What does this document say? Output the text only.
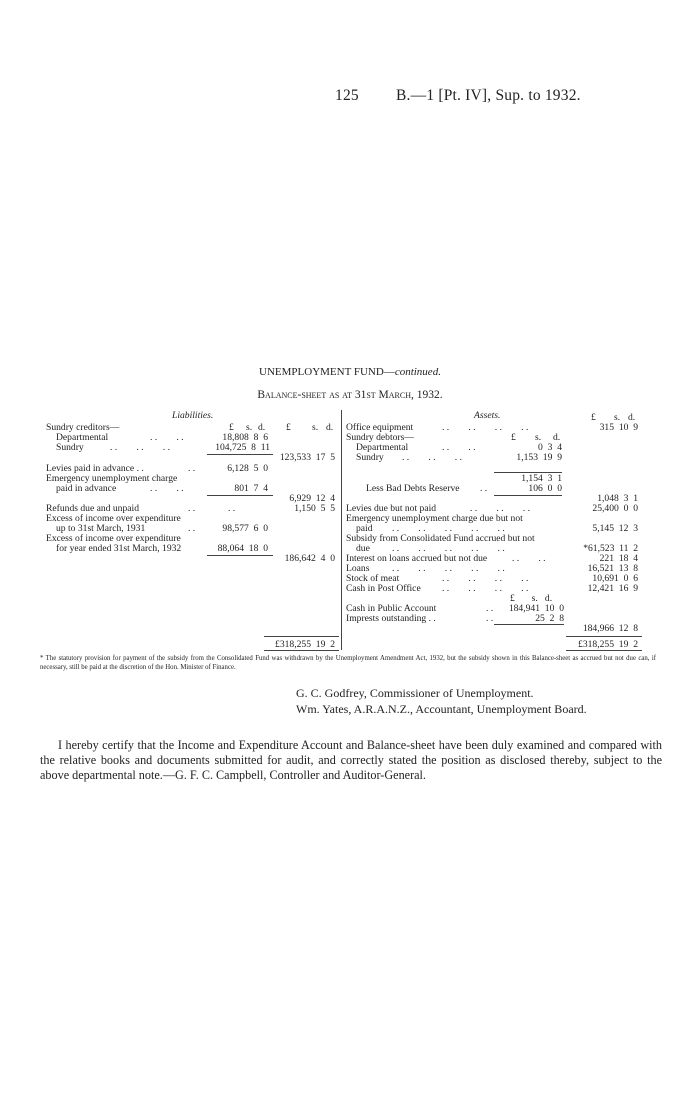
125 B.—1 [Pt. IV], Sup. to 1932.
UNEMPLOYMENT FUND—continued.
Balance-sheet as at 31st March, 1932.
Liabilities.
£ s. d. £ s. d.
Sundry creditors—
Departmental	. .        . .	18,808  8  6
Sundry	. .        . .        . .	104,725  8  11
123,533  17  5
Levies paid in advance . .	. .	6,128  5  0
Emergency unemployment charge
paid in advance	. .        . .	801  7  4
6,929  12  4
Refunds due and unpaid	. .	. .	1,150  5  5
Excess of income over expenditure
up to 31st March, 1931	. .	98,577  6  0
Excess of income over expenditure
for year ended 31st March, 1932	88,064  18  0
186,642  4  0
£318,255  19  2
Assets.	£ s. d.
Office equipment	. .        . .        . .        . .	315  10  9
Sundry debtors—	£ s. d.
Departmental	. .        . .	0  3  4
Sundry . .        . .        . .	1,153  19  9
1,154  3  1
Less Bad Debts Reserve . .	106  0  0
1,048  3  1
Levies due but not paid	. .        . .        . .	25,400  0  0
Emergency unemployment charge due but not
paid . .        . .        . .        . .        . .	5,145  12  3
Subsidy from Consolidated Fund accrued but not
due . .        . .        . .        . .        . .	*61,523  11  2
Interest on loans accrued but not due	. .        . .	221  18  4
Loans . .        . .        . .        . .        . .	16,521  13  8
Stock of meat	. .        . .        . .        . .	10,691  0  6
Cash in Post Office . .        . .        . .        . .	12,421  16  9
£       s.   d.
Cash in Public Account	. .	184,941  10  0
Imprests outstanding . .	. .	25  2  8
184,966  12  8
£318,255  19  2
* The statutory provision for payment of the subsidy from the Consolidated Fund was withdrawn by the Unemployment Amendment Act, 1932, but the subsidy shown in this Balance-sheet as accrued but not due can, if necessary, still be paid at the discretion of the Hon. Minister of Finance.
G. C. Godfrey, Commissioner of Unemployment.
Wm. Yates, A.R.A.N.Z., Accountant, Unemployment Board.
I hereby certify that the Income and Expenditure Account and Balance-sheet have been duly examined and compared with the relative books and documents submitted for audit, and correctly stated the position as disclosed thereby, subject to the above departmental note.—G. F. C. Campbell, Controller and Auditor-General.
